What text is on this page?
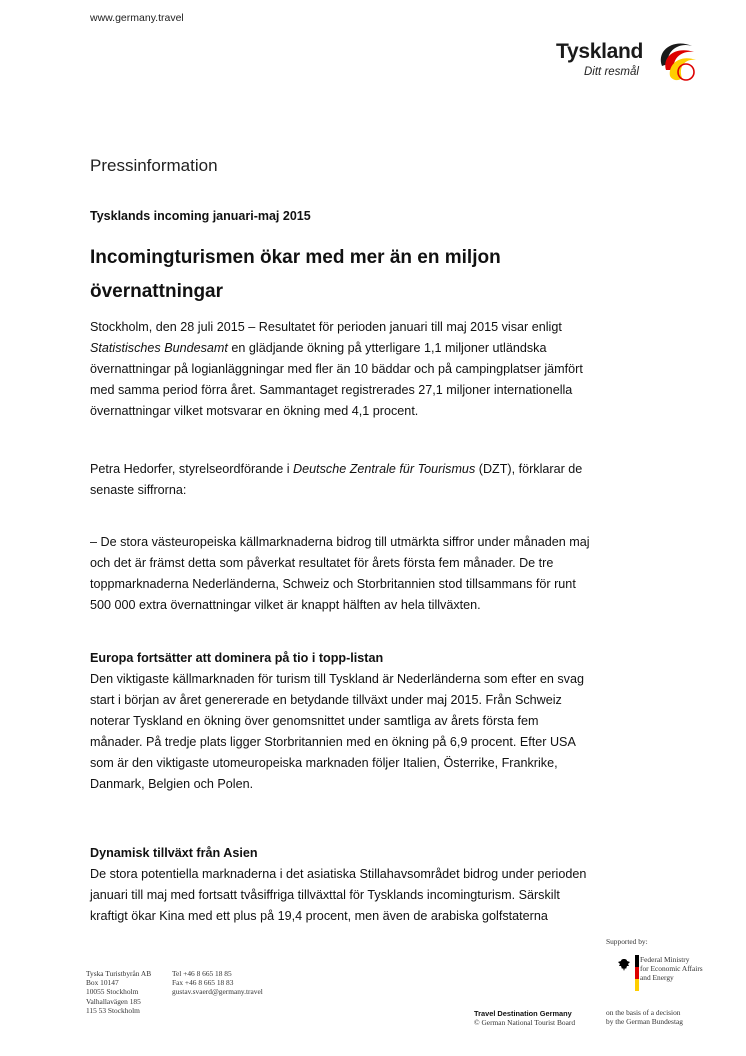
www.germany.travel
Tyskland
Ditt resmål
Pressinformation
Tysklands incoming januari-maj 2015
Incomingturismen ökar med mer än en miljon
övernattningar
Stockholm, den 28 juli 2015 – Resultatet för perioden januari till maj 2015 visar enligt
Statistisches Bundesamt en glädjande ökning på ytterligare 1,1 miljoner utländska
övernattningar på logianläggningar med fler än 10 bäddar och på campingplatser jämfört
med samma period förra året. Sammantaget registrerades 27,1 miljoner internationella
övernattningar vilket motsvarar en ökning med 4,1 procent.
Petra Hedorfer, styrelseordförande i Deutsche Zentrale für Tourismus (DZT), förklarar de
senaste siffrorna:
– De stora västeuropeiska källmarknaderna bidrog till utmärkta siffror under månaden maj
och det är främst detta som påverkat resultatet för årets första fem månader. De tre
toppmarknaderna Nederländerna, Schweiz och Storbritannien stod tillsammans för runt
500 000 extra övernattningar vilket är knappt hälften av hela tillväxten.
Europa fortsätter att dominera på tio i topp-listan
Den viktigaste källmarknaden för turism till Tyskland är Nederländerna som efter en svag
start i början av året genererade en betydande tillväxt under maj 2015. Från Schweiz
noterar Tyskland en ökning över genomsnittet under samtliga av årets första fem
månader. På tredje plats ligger Storbritannien med en ökning på 6,9 procent. Efter USA
som är den viktigaste utomeuropeiska marknaden följer Italien, Österrike, Frankrike,
Danmark, Belgien och Polen.
Dynamisk tillväxt från Asien
De stora potentiella marknaderna i det asiatiska Stillahavsområdet bidrog under perioden
januari till maj med fortsatt tvåsiffriga tillväxttal för Tysklands incomingturism. Särskilt
kraftigt ökar Kina med ett plus på 19,4 procent, men även de arabiska golfstaterna
Tyska Turistbyrån AB
Box 10147
10055 Stockholm
Valhallavägen 185
115 53 Stockholm
Tel +46 8 665 18 85
Fax +46 8 665 18 83
gustav.svaerd@germany.travel
Travel Destination Germany
© German National Tourist Board
Supported by:
Federal Ministry
for Economic Affairs
and Energy
on the basis of a decision
by the German Bundestag
